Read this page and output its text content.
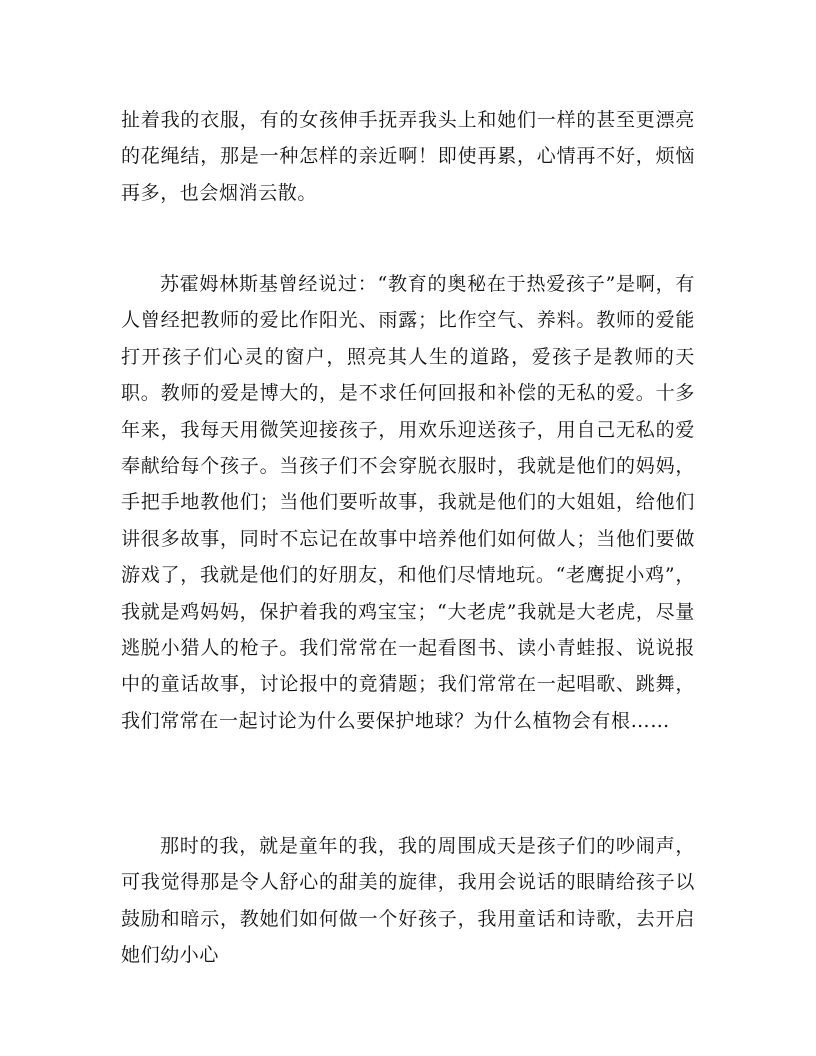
扯着我的衣服，有的女孩伸手抚弄我头上和她们一样的甚至更漂亮的花绳结，那是一种怎样的亲近啊！即使再累，心情再不好，烦恼再多，也会烟消云散。

苏霍姆林斯基曾经说过：“教育的奥秘在于热爱孩子”是啊，有人曾经把教师的爱比作阳光、雨露；比作空气、养料。教师的爱能打开孩子们心灵的窗户，照亮其人生的道路，爱孩子是教师的天职。教师的爱是博大的，是不求任何回报和补偿的无私的爱。十多年来，我每天用微笑迎接孩子，用欢乐迎送孩子，用自己无私的爱奉献给每个孩子。当孩子们不会穿脱衣服时，我就是他们的妈妈，手把手地教他们；当他们要听故事，我就是他们的大姐姐，给他们讲很多故事，同时不忘记在故事中培养他们如何做人；当他们要做游戏了，我就是他们的好朋友，和他们尽情地玩。“老鹰捉小鸡”，我就是鸡妈妈，保护着我的鸡宝宝；“大老虎”我就是大老虎，尽量逃脱小猎人的枪子。我们常常在一起看图书、读小青蛙报、说说报中的童话故事，讨论报中的竟猜题；我们常常在一起唱歌、跳舞，我们常常在一起讨论为什么要保护地球？为什么植物会有根……

那时的我，就是童年的我，我的周围成天是孩子们的吵闹声，可我觉得那是令人舒心的甜美的旋律，我用会说话的眼睛给孩子以鼓励和暗示，教她们如何做一个好孩子，我用童话和诗歌，去开启她们幼小心
